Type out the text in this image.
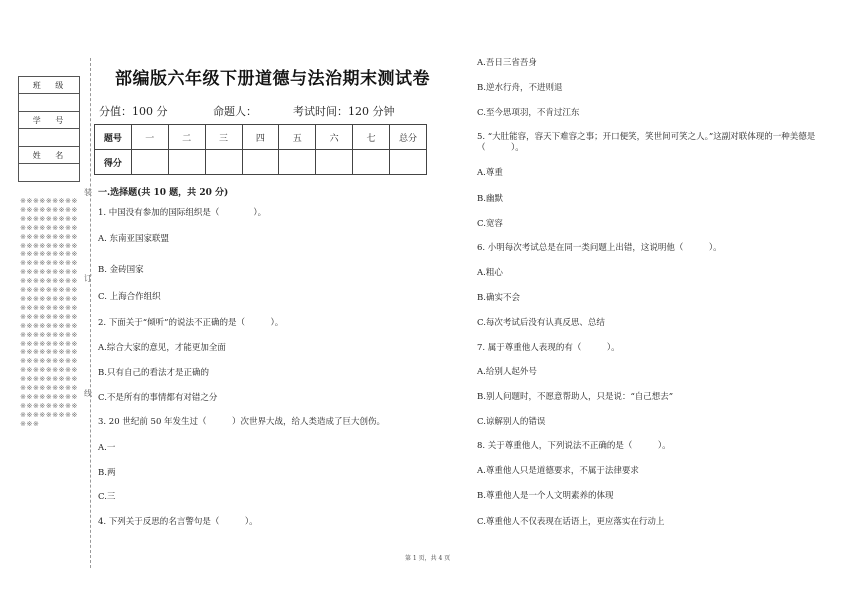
班 级
学 号
姓 名
※※※※※※※※※※※※※※※※※※※※※※※※※※※※※※※※※※※※※※※※※※※※※※※※※※※※※※※※※※※※※※※※※※※※※※※※※※※※※※※※※※※※※※※※※※※※※※※※※※※※※※※※※※※※※※※※※※※※※※※※※※※※※※※※※※※※※※※※※※※※※※※※※※※※※※※※※※※※※※※※※※※※※※※※※※※※※※※※※※※※※※※※※※※※※※※※※※※※※※※※※※※※※※※※※※※※※※※※※※※※※※※※※※※※
装
订
线
部编版六年级下册道德与法治期末测试卷
分值：100 分	命题人：	考试时间：120 分钟
题号	一	二	三	四	五	六	七	总分
得分								
一.选择题(共 10 题，共 20 分)
1. 中国没有参加的国际组织是（　　　　）。
A. 东南亚国家联盟
B. 金砖国家
C. 上海合作组织
2. 下面关于“倾听”的说法不正确的是（　　　）。
A.综合大家的意见，才能更加全面
B.只有自己的看法才是正确的
C.不是所有的事情都有对错之分
3. 20 世纪前 50 年发生过（　　　）次世界大战，给人类造成了巨大创伤。
A.一
B.两
C.三
4. 下列关于反思的名言警句是（　　　）。
A.吾日三省吾身
B.逆水行舟，不进则退
C.至今思项羽，不肯过江东
5. “大肚能容，容天下难容之事；开口便笑，笑世间可笑之人。”这副对联体现的一种美德是（　　　）。
A.尊重
B.幽默
C.宽容
6. 小明每次考试总是在同一类问题上出错，这说明他（　　　）。
A.粗心
B.确实不会
C.每次考试后没有认真反思、总结
7. 属于尊重他人表现的有（　　　）。
A.给别人起外号
B.别人问题时，不愿意帮助人，只是说：“自己想去”
C.谅解别人的错误
8. 关于尊重他人，下列说法不正确的是（　　　）。
A.尊重他人只是道德要求，不属于法律要求
B.尊重他人是一个人文明素养的体现
C.尊重他人不仅表现在话语上，更应落实在行动上
第 1 页，共 4 页
